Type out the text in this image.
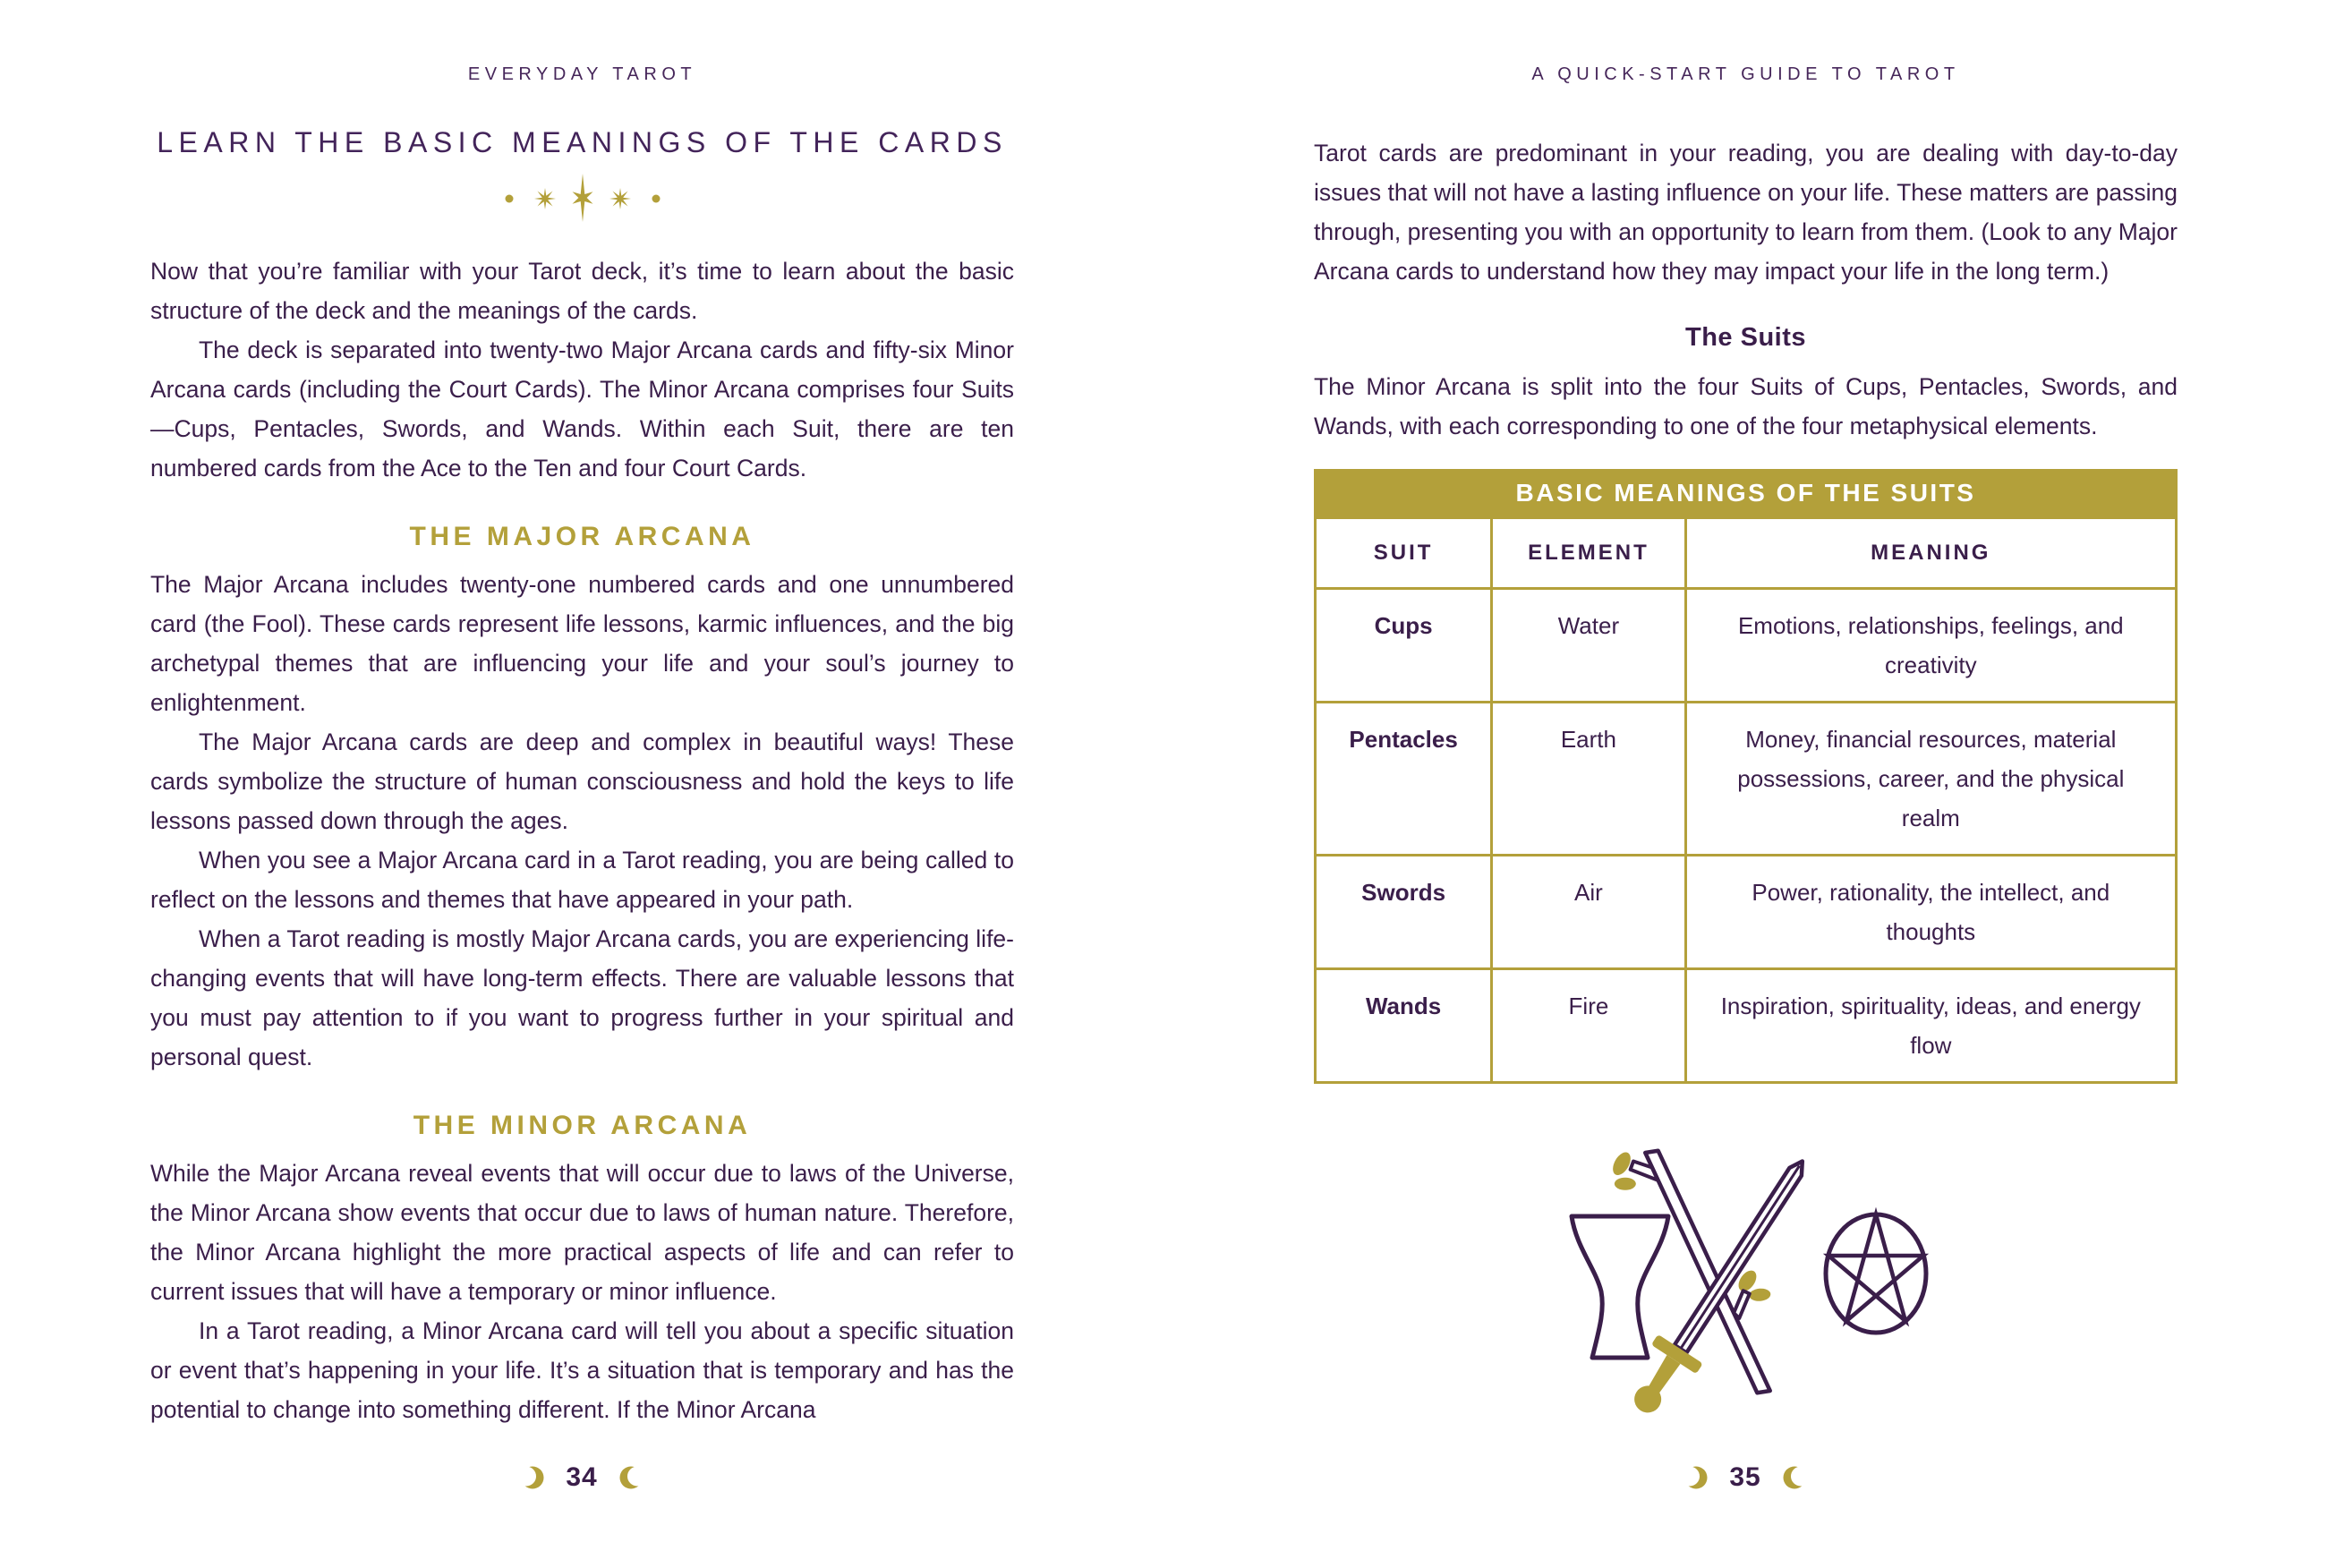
EVERYDAY TAROT
LEARN THE BASIC MEANINGS OF THE CARDS

Now that you’re familiar with your Tarot deck, it’s time to learn about the basic structure of the deck and the meanings of the cards.

The deck is separated into twenty-two Major Arcana cards and fifty-six Minor Arcana cards (including the Court Cards). The Minor Arcana comprises four Suits—Cups, Pentacles, Swords, and Wands. Within each Suit, there are ten numbered cards from the Ace to the Ten and four Court Cards.

THE MAJOR ARCANA

The Major Arcana includes twenty-one numbered cards and one unnumbered card (the Fool). These cards represent life lessons, karmic influences, and the big archetypal themes that are influencing your life and your soul’s journey to enlightenment.

The Major Arcana cards are deep and complex in beautiful ways! These cards symbolize the structure of human consciousness and hold the keys to life lessons passed down through the ages.

When you see a Major Arcana card in a Tarot reading, you are being called to reflect on the lessons and themes that have appeared in your path.

When a Tarot reading is mostly Major Arcana cards, you are experiencing life-changing events that will have long-term effects. There are valuable lessons that you must pay attention to if you want to progress further in your spiritual and personal quest.

THE MINOR ARCANA

While the Major Arcana reveal events that will occur due to laws of the Universe, the Minor Arcana show events that occur due to laws of human nature. Therefore, the Minor Arcana highlight the more practical aspects of life and can refer to current issues that will have a temporary or minor influence.

In a Tarot reading, a Minor Arcana card will tell you about a specific situation or event that’s happening in your life. It’s a situation that is temporary and has the potential to change into something different. If the Minor Arcana

34
A QUICK-START GUIDE TO TAROT

Tarot cards are predominant in your reading, you are dealing with day-to-day issues that will not have a lasting influence on your life. These matters are passing through, presenting you with an opportunity to learn from them. (Look to any Major Arcana cards to understand how they may impact your life in the long term.)

The Suits

The Minor Arcana is split into the four Suits of Cups, Pentacles, Swords, and Wands, with each corresponding to one of the four metaphysical elements.

BASIC MEANINGS OF THE SUITS
SUIT	ELEMENT	MEANING
Cups	Water	Emotions, relationships, feelings, and creativity

Pentacles	Earth	Money, financial resources, material possessions, career, and the physical realm

Swords	Air	Power, rationality, the intellect, and thoughts

Wands	Fire	Inspiration, spirituality, ideas, and energy flow
35
